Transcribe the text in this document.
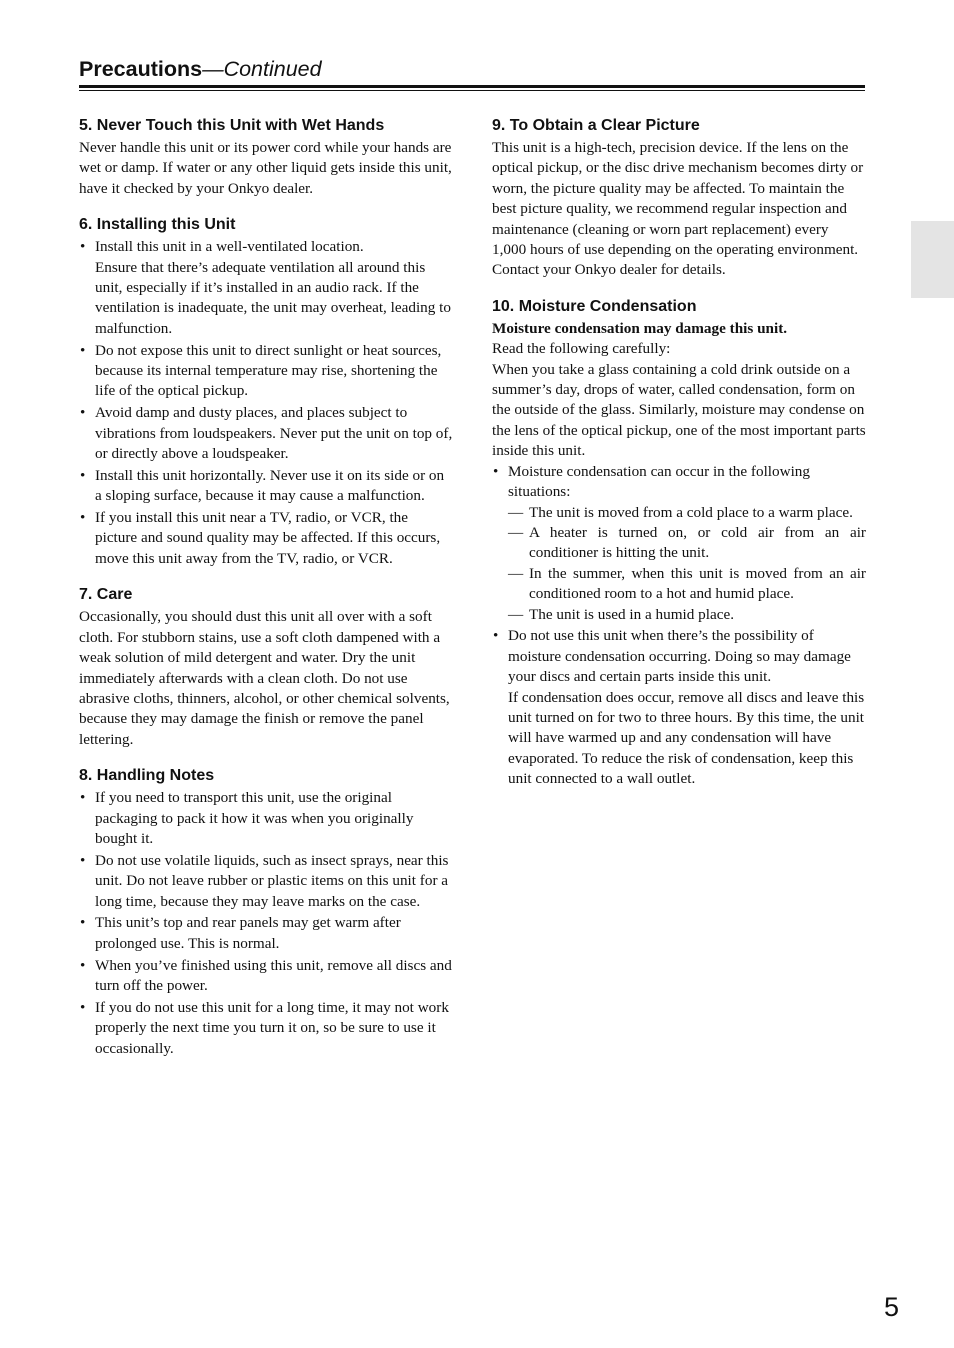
Precautions—Continued
5. Never Touch this Unit with Wet Hands

Never handle this unit or its power cord while your hands are wet or damp. If water or any other liquid gets inside this unit, have it checked by your Onkyo dealer.

6. Installing this Unit
• Install this unit in a well-ventilated location.
Ensure that there’s adequate ventilation all around this unit, especially if it’s installed in an audio rack. If the ventilation is inadequate, the unit may overheat, leading to malfunction.
• Do not expose this unit to direct sunlight or heat sources, because its internal temperature may rise, shortening the life of the optical pickup.
• Avoid damp and dusty places, and places subject to vibrations from loudspeakers. Never put the unit on top of, or directly above a loudspeaker.
• Install this unit horizontally. Never use it on its side or on a sloping surface, because it may cause a malfunction.
• If you install this unit near a TV, radio, or VCR, the picture and sound quality may be affected. If this occurs, move this unit away from the TV, radio, or VCR.
7. Care

Occasionally, you should dust this unit all over with a soft cloth. For stubborn stains, use a soft cloth dampened with a weak solution of mild detergent and water. Dry the unit immediately afterwards with a clean cloth. Do not use abrasive cloths, thinners, alcohol, or other chemical solvents, because they may damage the finish or remove the panel lettering.

8. Handling Notes
• If you need to transport this unit, use the original packaging to pack it how it was when you originally bought it.
• Do not use volatile liquids, such as insect sprays, near this unit. Do not leave rubber or plastic items on this unit for a long time, because they may leave marks on the case.
• This unit’s top and rear panels may get warm after prolonged use. This is normal.
• When you’ve finished using this unit, remove all discs and turn off the power.
• If you do not use this unit for a long time, it may not work properly the next time you turn it on, so be sure to use it occasionally.
9. To Obtain a Clear Picture

This unit is a high-tech, precision device. If the lens on the optical pickup, or the disc drive mechanism becomes dirty or worn, the picture quality may be affected. To maintain the best picture quality, we recommend regular inspection and maintenance (cleaning or worn part replacement) every 1,000 hours of use depending on the operating environment. Contact your Onkyo dealer for details.

10. Moisture Condensation

Moisture condensation may damage this unit.

Read the following carefully:

When you take a glass containing a cold drink outside on a summer’s day, drops of water, called condensation, form on the outside of the glass. Similarly, moisture may condense on the lens of the optical pickup, one of the most important parts inside this unit.

• Moisture condensation can occur in the following situations:
— The unit is moved from a cold place to a warm place.
— A heater is turned on, or cold air from an air conditioner is hitting the unit.
— In the summer, when this unit is moved from an air conditioned room to a hot and humid place.
— The unit is used in a humid place.
• Do not use this unit when there’s the possibility of moisture condensation occurring. Doing so may damage your discs and certain parts inside this unit.
If condensation does occur, remove all discs and leave this unit turned on for two to three hours. By this time, the unit will have warmed up and any condensation will have evaporated. To reduce the risk of condensation, keep this unit connected to a wall outlet.
5
